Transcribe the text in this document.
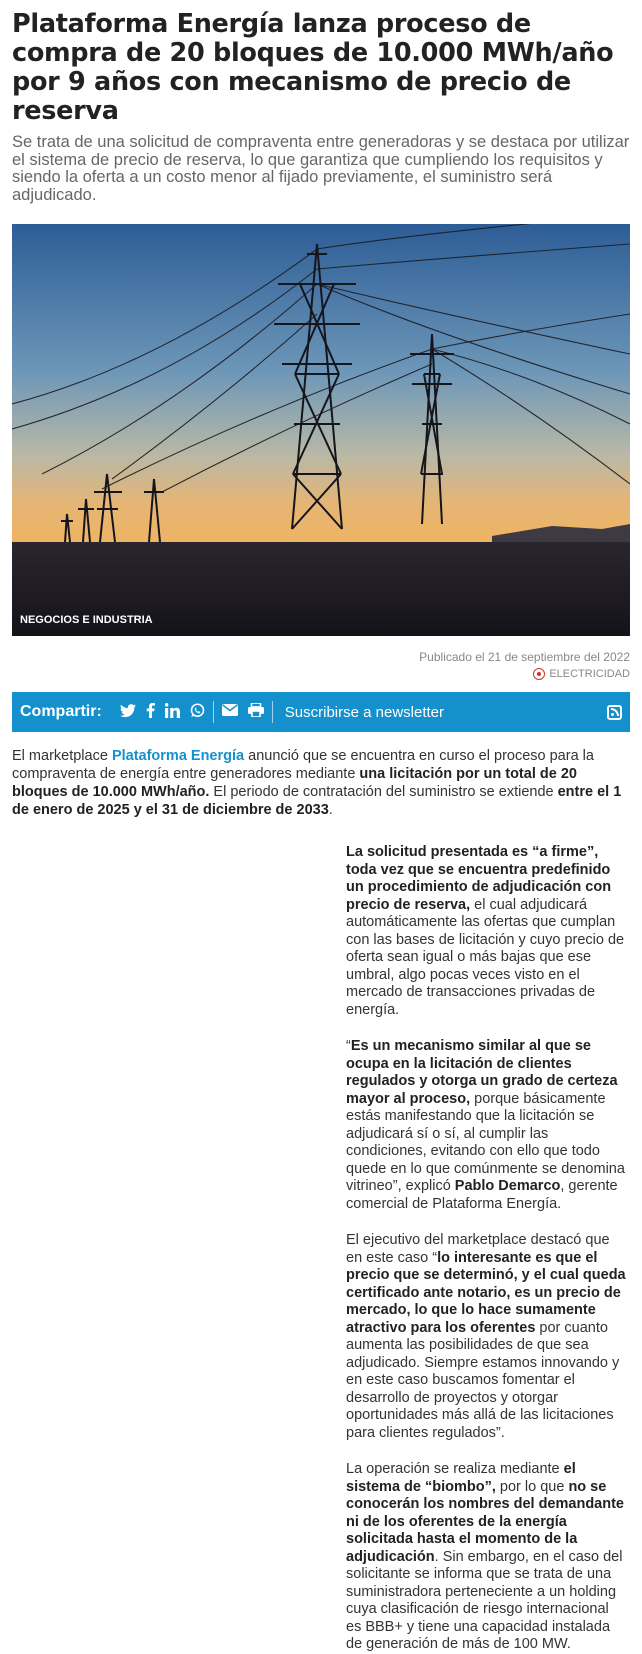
Plataforma Energía lanza proceso de compra de 20 bloques de 10.000 MWh/año por 9 años con mecanismo de precio de reserva
Se trata de una solicitud de compraventa entre generadoras y se destaca por utilizar el sistema de precio de reserva, lo que garantiza que cumpliendo los requisitos y siendo la oferta a un costo menor al fijado previamente, el suministro será adjudicado.
NEGOCIOS E INDUSTRIA
Publicado el 21 de septiembre del 2022
ELECTRICIDAD
Compartir:	Suscribirse a newsletter
El marketplace Plataforma Energía anunció que se encuentra en curso el proceso para la compraventa de energía entre generadores mediante una licitación por un total de 20 bloques de 10.000 MWh/año. El periodo de contratación del suministro se extiende entre el 1 de enero de 2025 y el 31 de diciembre de 2033.

La solicitud presentada es “a firme”, toda vez que se encuentra predefinido un procedimiento de adjudicación con precio de reserva, el cual adjudicará automáticamente las ofertas que cumplan con las bases de licitación y cuyo precio de oferta sean igual o más bajas que ese umbral, algo pocas veces visto en el mercado de transacciones privadas de energía.

“Es un mecanismo similar al que se ocupa en la licitación de clientes regulados y otorga un grado de certeza mayor al proceso, porque básicamente estás manifestando que la licitación se adjudicará sí o sí, al cumplir las condiciones, evitando con ello que todo quede en lo que comúnmente se denomina vitrineo”, explicó Pablo Demarco, gerente comercial de Plataforma Energía.

El ejecutivo del marketplace destacó que en este caso “lo interesante es que el precio que se determinó, y el cual queda certificado ante notario, es un precio de mercado, lo que lo hace sumamente atractivo para los oferentes por cuanto aumenta las posibilidades de que sea adjudicado. Siempre estamos innovando y en este caso buscamos fomentar el desarrollo de proyectos y otorgar oportunidades más allá de las licitaciones para clientes regulados”.

La operación se realiza mediante el sistema de “biombo”, por lo que no se conocerán los nombres del demandante ni de los oferentes de la energía solicitada hasta el momento de la adjudicación. Sin embargo, en el caso del solicitante se informa que se trata de una suministradora perteneciente a un holding cuya clasificación de riesgo internacional es BBB+ y tiene una capacidad instalada de generación de más de 100 MW.
